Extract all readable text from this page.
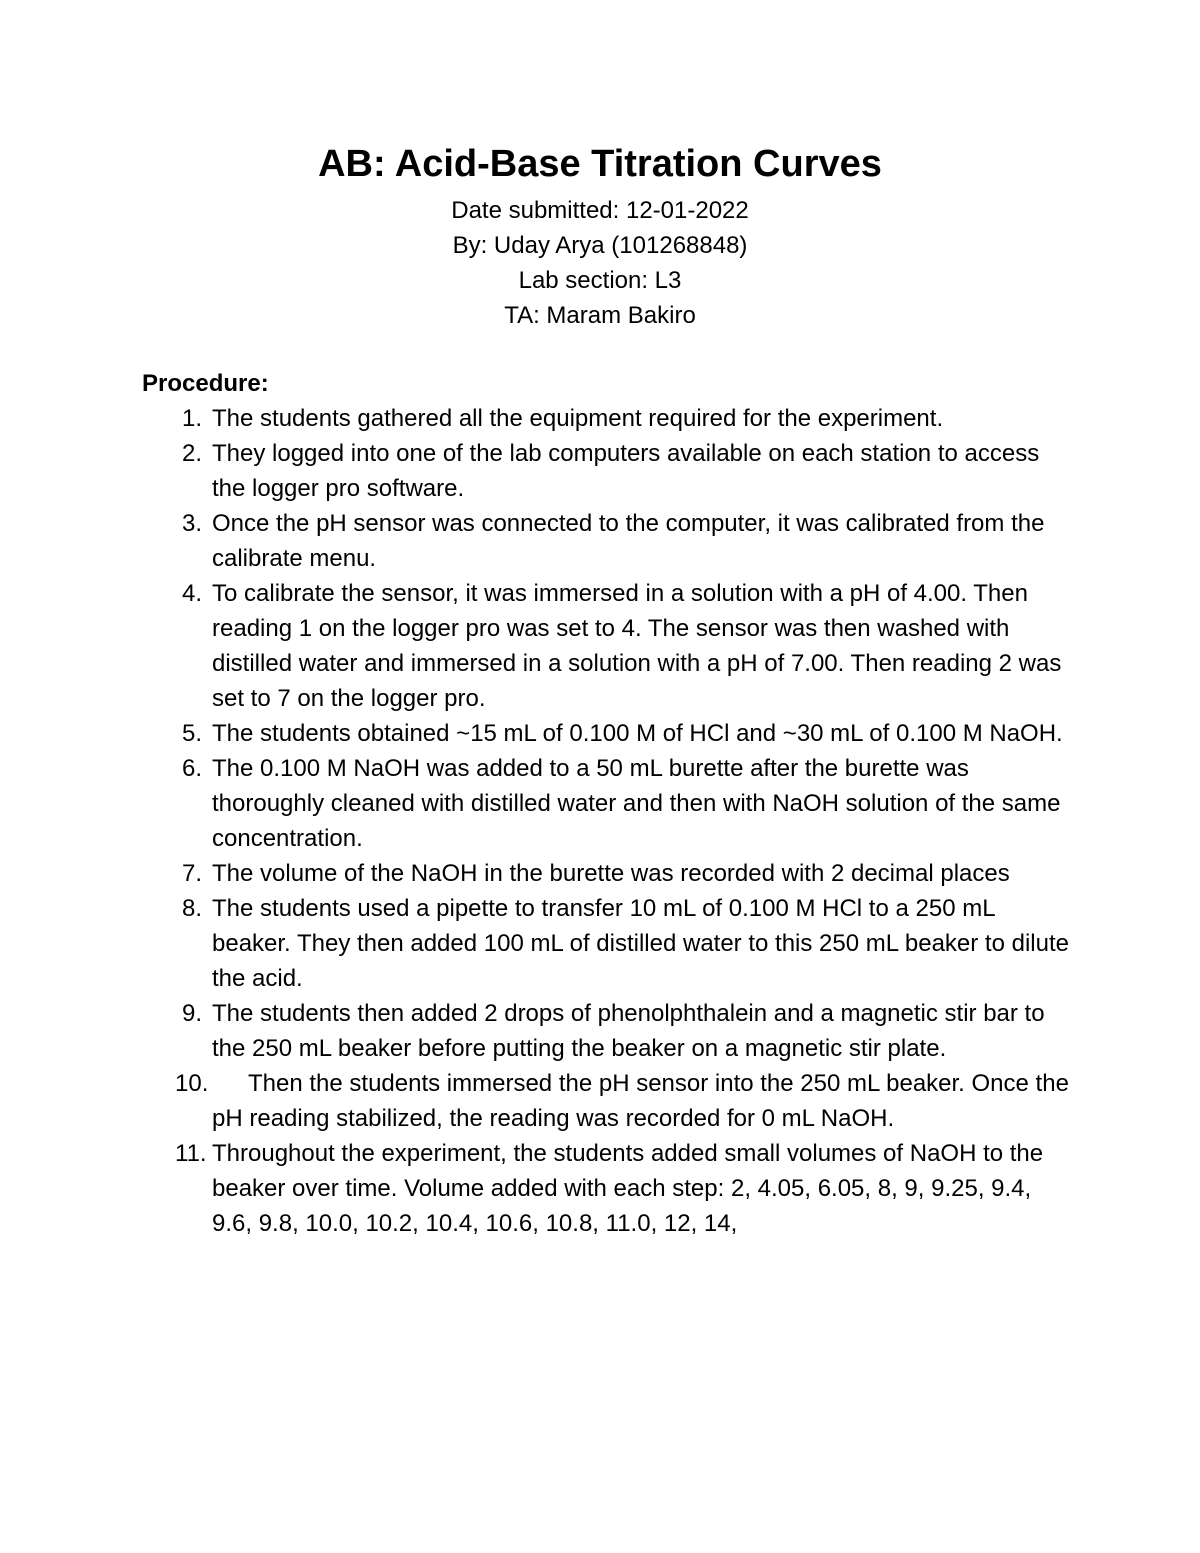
AB: Acid-Base Titration Curves
Date submitted: 12-01-2022
By: Uday Arya (101268848)
Lab section: L3
TA: Maram Bakiro
Procedure:
1. The students gathered all the equipment required for the experiment.
2. They logged into one of the lab computers available on each station to access the logger pro software.
3. Once the pH sensor was connected to the computer, it was calibrated from the calibrate menu.
4. To calibrate the sensor, it was immersed in a solution with a pH of 4.00. Then reading 1 on the logger pro was set to 4. The sensor was then washed with distilled water and immersed in a solution with a pH of 7.00. Then reading 2 was set to 7 on the logger pro.
5. The students obtained ~15 mL of 0.100 M of HCl and ~30 mL of 0.100 M NaOH.
6. The 0.100 M NaOH was added to a 50 mL burette after the burette was thoroughly cleaned with distilled water and then with NaOH solution of the same concentration.
7. The volume of the NaOH in the burette was recorded with 2 decimal places
8. The students used a pipette to transfer 10 mL of 0.100 M HCl to a 250 mL beaker. They then added 100 mL of distilled water to this 250 mL beaker to dilute the acid.
9. The students then added 2 drops of phenolphthalein and a magnetic stir bar to the 250 mL beaker before putting the beaker on a magnetic stir plate.
10. Then the students immersed the pH sensor into the 250 mL beaker. Once the pH reading stabilized, the reading was recorded for 0 mL NaOH.
11. Throughout the experiment, the students added small volumes of NaOH to the beaker over time. Volume added with each step: 2, 4.05, 6.05, 8, 9, 9.25, 9.4, 9.6, 9.8, 10.0, 10.2, 10.4, 10.6, 10.8, 11.0, 12, 14,
